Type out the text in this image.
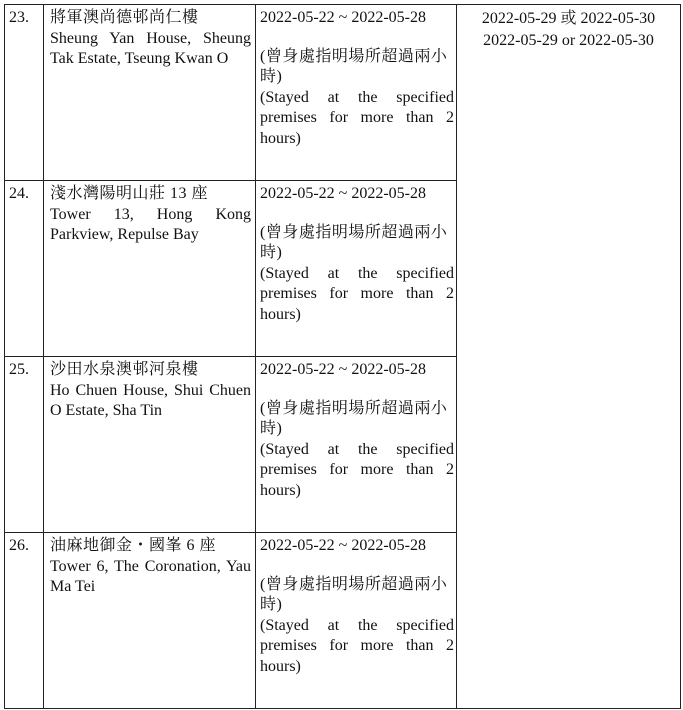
23.	將軍澳尚德邨尚仁樓
Sheung Yan House, Sheung Tak Estate, Tseung Kwan O	2022-05-22 ~ 2022-05-28
(曾身處指明場所超過兩小時)
(Stayed at the specified premises for more than 2 hours)	2022-05-29 或 2022-05-30
2022-05-29 or 2022-05-30

24.	淺水灣陽明山莊 13 座
Tower 13, Hong Kong Parkview, Repulse Bay	2022-05-22 ~ 2022-05-28
(曾身處指明場所超過兩小時)
(Stayed at the specified premises for more than 2 hours)	

25.	沙田水泉澳邨河泉樓
Ho Chuen House, Shui Chuen O Estate, Sha Tin	2022-05-22 ~ 2022-05-28
(曾身處指明場所超過兩小時)
(Stayed at the specified premises for more than 2 hours)	

26.	油麻地御金・國峯 6 座
Tower 6, The Coronation, Yau Ma Tei	2022-05-22 ~ 2022-05-28
(曾身處指明場所超過兩小時)
(Stayed at the specified premises for more than 2 hours)	
